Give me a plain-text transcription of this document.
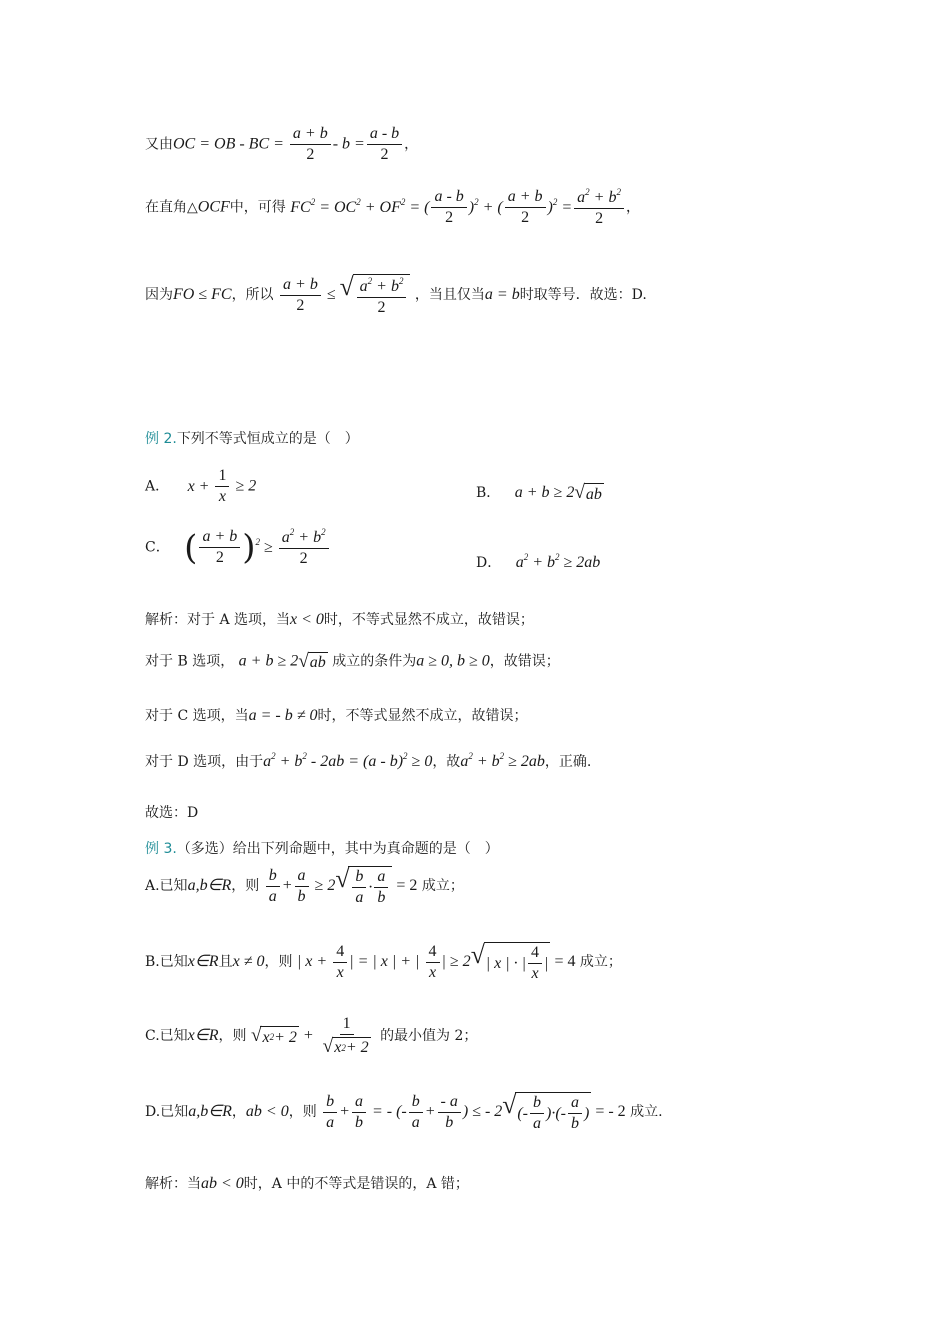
又由OC = OB - BC = $\frac{a + b}{2} - b = \frac{a - b}{2}$ ，
在直角△OCF中，可得 $FC^2 = OC^2 + OF^2$ = ( $\frac{a - b}{2} )^2$ + ( $\frac{a + b}{2} )^2 = \frac{a^2 + b^2}{2}$ ，
因为FO ≤ FC，所以 $\frac{a + b}{2}$ ≤ √ $\frac{a^2 + b^2}{2}$ ，当且仅当a = b时取等号．故选：D.
例 2.下列不等式恒成立的是（　）
A． $x + \frac{1}{x} \ge 2$	B． a + b ≥ 2 √ ab
C． ( $\frac{a + b}{2} )^2 \ge \frac{a^2 + b^2}{2}$	D． $a^2 + b^2 \ge 2ab$
解析：对于 A 选项，当x < 0时，不等式显然不成立，故错误；
对于 B 选项， a + b ≥ 2 √ ab 成立的条件为a ≥ 0, b ≥ 0，故错误；
对于 C 选项，当a = - b ≠ 0时，不等式显然不成立，故错误；
对于 D 选项，由于$a^2 + b^2 - 2ab = (a - b)^2 \ge 0$，故$a^2 + b^2 \ge 2ab$，正确.
故选：D
例 3.（多选）给出下列命题中，其中为真命题的是（　）
A.已知a,b∈R，则 $\frac{b}{a} + \frac{a}{b} \ge 2$ √ $\frac{b}{a} \cdot \frac{a}{b} = 2$ 成立；
B.已知x∈R且x ≠ 0，则 | $x + \frac{4}{x}$ | = | x | + | $\frac{4}{x}$ | ≥ 2 √ | x | · | $\frac{4}{x}$ | = 4 成立；
C.已知x∈R，则 √ x $2 + 2 + \frac{1}{√ x 2 + 2}$ 的最小值为 2；
D.已知a,b∈R，ab < 0，则 $\frac{b}{a} + \frac{a}{b}$ = - (- $\frac{b}{a} + \frac{- a}{b}$ ) ≤ - 2 √ (- $\frac{b}{a}$ )·(- $\frac{a}{b}$ ) = - 2 成立.
解析：当ab < 0时，A 中的不等式是错误的，A 错；
